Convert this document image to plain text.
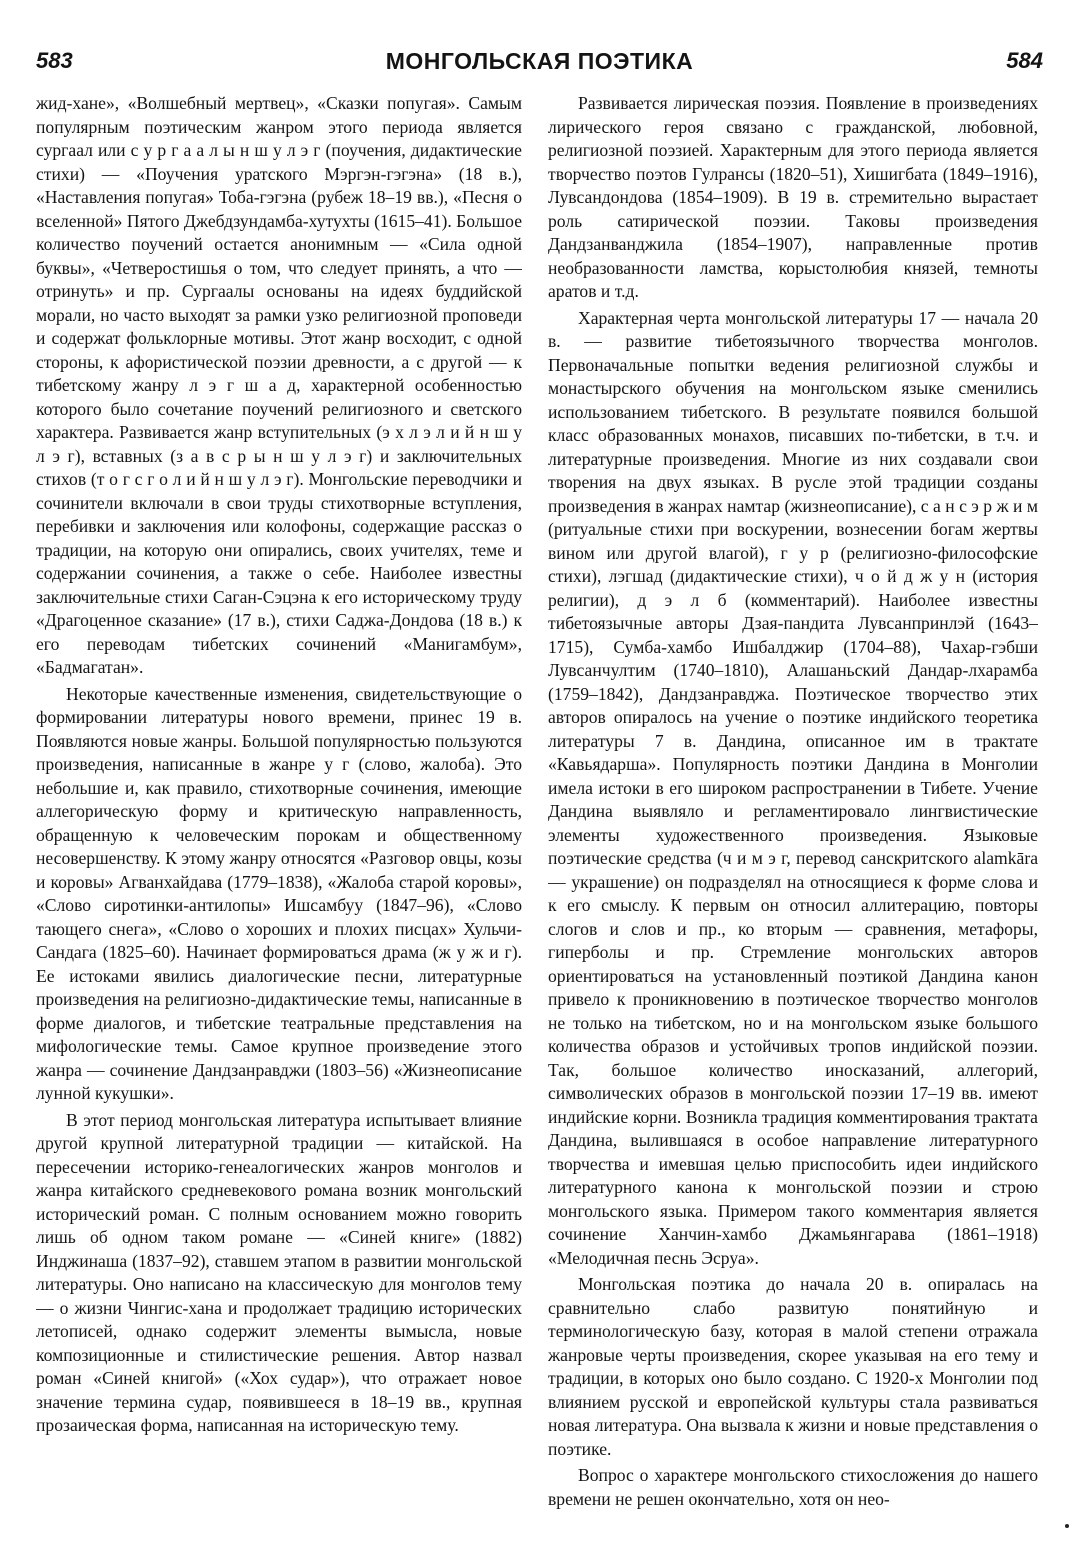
583	МОНГОЛЬСКАЯ ПОЭТИКА	584

жид-хане», «Волшебный мертвец», «Сказки попугая». Самым популярным поэтическим жанром этого периода является сургаал или с у р г а а л ы н ш у л э г (поучения, дидактические стихи) — «Поучения уратского Мэргэн-гэгэна» (18 в.), «Наставления попугая» Тоба-гэгэна (рубеж 18–19 вв.), «Песня о вселенной» Пятого Джебдзундамба-хутухты (1615–41). Большое количество поучений остается анонимным — «Сила одной буквы», «Четверостишья о том, что следует принять, а что — отринуть» и пр. Сургаалы основаны на идеях буддийской морали, но часто выходят за рамки узко религиозной проповеди и содержат фольклорные мотивы. Этот жанр восходит, с одной стороны, к афористической поэзии древности, а с другой — к тибетскому жанру л э г ш а д, характерной особенностью которого было сочетание поучений религиозного и светского характера. Развивается жанр вступительных (э х л э л и й н ш у л э г), вставных (з а в с р ы н ш у л э г) и заключительных стихов (т о г с г о л и й н ш у л э г). Монгольские переводчики и сочинители включали в свои труды стихотворные вступления, перебивки и заключения или колофоны, содержащие рассказ о традиции, на которую они опирались, своих учителях, теме и содержании сочинения, а также о себе. Наиболее известны заключительные стихи Саган-Сэцэна к его историческому труду «Драгоценное сказание» (17 в.), стихи Саджа-Дондова (18 в.) к его переводам тибетских сочинений «Манигамбум», «Бадмагатан».

Некоторые качественные изменения, свидетельствующие о формировании литературы нового времени, принес 19 в. Появляются новые жанры. Большой популярностью пользуются произведения, написанные в жанре у г (слово, жалоба). Это небольшие и, как правило, стихотворные сочинения, имеющие аллегорическую форму и критическую направленность, обращенную к человеческим порокам и общественному несовершенству. К этому жанру относятся «Разговор овцы, козы и коровы» Агванхайдава (1779–1838), «Жалоба старой коровы», «Слово сиротинки-антилопы» Ишсамбуу (1847–96), «Слово тающего снега», «Слово о хороших и плохих писцах» Хульчи-Сандага (1825–60). Начинает формироваться драма (ж у ж и г). Ее истоками явились диалогические песни, литературные произведения на религиозно-дидактические темы, написанные в форме диалогов, и тибетские театральные представления на мифологические темы. Самое крупное произведение этого жанра — сочинение Дандзанравджи (1803–56) «Жизнеописание лунной кукушки».

В этот период монгольская литература испытывает влияние другой крупной литературной традиции — китайской. На пересечении историко-генеалогических жанров монголов и жанра китайского средневекового романа возник монгольский исторический роман. С полным основанием можно говорить лишь об одном таком романе — «Синей книге» (1882) Инджинаша (1837–92), ставшем этапом в развитии монгольской литературы. Оно написано на классическую для монголов тему — о жизни Чингис-хана и продолжает традицию исторических летописей, однако содержит элементы вымысла, новые композиционные и стилистические решения. Автор назвал роман «Синей книгой» («Хох судар»), что отражает новое значение термина судар, появившееся в 18–19 вв., крупная прозаическая форма, написанная на историческую тему.

Развивается лирическая поэзия. Появление в произведениях лирического героя связано с гражданской, любовной, религиозной поэзией. Характерным для этого периода является творчество поэтов Гулрансы (1820–51), Хишигбата (1849–1916), Лувсандондова (1854–1909). В 19 в. стремительно вырастает роль сатирической поэзии. Таковы произведения Дандзанванджила (1854–1907), направленные против необразованности ламства, корыстолюбия князей, темноты аратов и т.д.

Характерная черта монгольской литературы 17 — начала 20 в. — развитие тибетоязычного творчества монголов. Первоначальные попытки ведения религиозной службы и монастырского обучения на монгольском языке сменились использованием тибетского. В результате появился большой класс образованных монахов, писавших по-тибетски, в т.ч. и литературные произведения. Многие из них создавали свои творения на двух языках. В русле этой традиции созданы произведения в жанрах намтар (жизнеописание), с а н с э р ж и м (ритуальные стихи при воскурении, вознесении богам жертвы вином или другой влагой), г у р (религиозно-философские стихи), лэгшад (дидактические стихи), ч о й д ж у н (история религии), д э л б (комментарий). Наиболее известны тибетоязычные авторы Дзая-пандита Лувсанпринлэй (1643–1715), Сумба-хамбо Ишбалджир (1704–88), Чахар-гэбши Лувсанчултим (1740–1810), Алашаньский Дандар-лхарамба (1759–1842), Дандзанравджа. Поэтическое творчество этих авторов опиралось на учение о поэтике индийского теоретика литературы 7 в. Дандина, описанное им в трактате «Кавьядарша». Популярность поэтики Дандина в Монголии имела истоки в его широком распространении в Тибете. Учение Дандина выявляло и регламентировало лингвистические элементы художественного произведения. Языковые поэтические средства (ч и м э г, перевод санскритского alamkāra — украшение) он подразделял на относящиеся к форме слова и к его смыслу. К первым он относил аллитерацию, повторы слогов и слов и пр., ко вторым — сравнения, метафоры, гиперболы и пр. Стремление монгольских авторов ориентироваться на установленный поэтикой Дандина канон привело к проникновению в поэтическое творчество монголов не только на тибетском, но и на монгольском языке большого количества образов и устойчивых тропов индийской поэзии. Так, большое количество иносказаний, аллегорий, символических образов в монгольской поэзии 17–19 вв. имеют индийские корни. Возникла традиция комментирования трактата Дандина, вылившаяся в особое направление литературного творчества и имевшая целью приспособить идеи индийского литературного канона к монгольской поэзии и строю монгольского языка. Примером такого комментария является сочинение Ханчин-хамбо Джамьянгарава (1861–1918) «Мелодичная песнь Эсруа».

Монгольская поэтика до начала 20 в. опиралась на сравнительно слабо развитую понятийную и терминологическую базу, которая в малой степени отражала жанровые черты произведения, скорее указывая на его тему и традиции, в которых оно было создано. С 1920-х Монголии под влиянием русской и европейской культуры стала развиваться новая литература. Она вызвала к жизни и новые представления о поэтике.

Вопрос о характере монгольского стихосложения до нашего времени не решен окончательно, хотя он нео-
